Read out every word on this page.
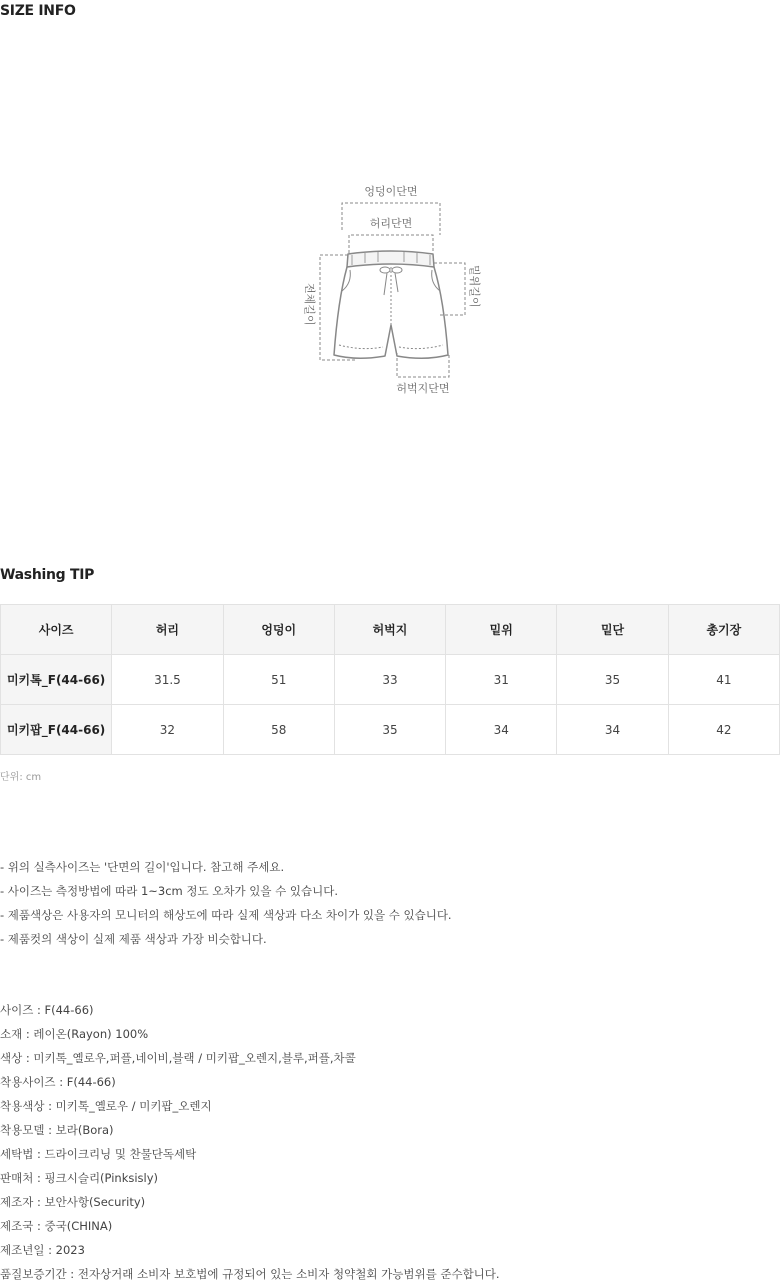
SIZE INFO
엉덩이단면
허리단면
전체길이	밑위길이
허벅지단면
Washing TIP
사이즈	허리	엉덩이	허벅지	밑위	밑단	총기장
미키톡_F(44-66)	31.5	51	33	31	35	41
미키팝_F(44-66)	32	58	35	34	34	42
단위: cm
- 위의 실측사이즈는 '단면의 길이'입니다. 참고해 주세요.
- 사이즈는 측정방법에 따라 1~3cm 정도 오차가 있을 수 있습니다.
- 제품색상은 사용자의 모니터의 해상도에 따라 실제 색상과 다소 차이가 있을 수 있습니다.
- 제품컷의 색상이 실제 제품 색상과 가장 비슷합니다.
사이즈 : F(44-66)
소재 : 레이온(Rayon) 100%
색상 : 미키톡_옐로우,퍼플,네이비,블랙 / 미키팝_오렌지,블루,퍼플,차콜
착용사이즈 : F(44-66)
착용색상 : 미키톡_옐로우 / 미키팝_오렌지
착용모델 : 보라(Bora)
세탁법 : 드라이크리닝 및 찬물단독세탁
판매처 : 핑크시슬리(Pinksisly)
제조자 : 보안사항(Security)
제조국 : 중국(CHINA)
제조년일 : 2023
품질보증기간 : 전자상거래 소비자 보호법에 규정되어 있는 소비자 청약철회 가능범위를 준수합니다.
